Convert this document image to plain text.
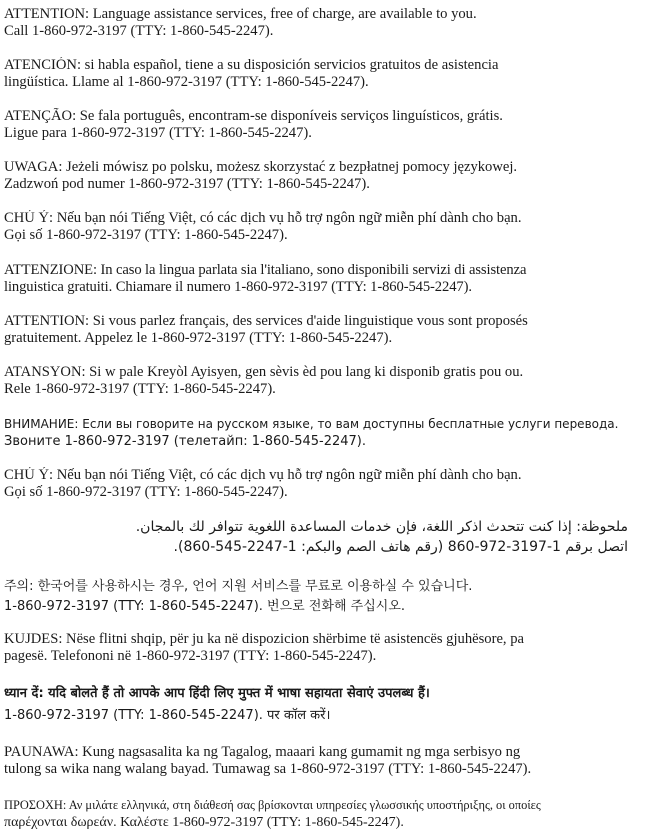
ATTENTION: Language assistance services, free of charge, are available to you.
Call 1-860-972-3197 (TTY: 1-860-545-2247).
ATENCIÓN: si habla español, tiene a su disposición servicios gratuitos de asistencia
lingüística. Llame al 1-860-972-3197 (TTY: 1-860-545-2247).
ATENÇÃO: Se fala português, encontram-se disponíveis serviços linguísticos, grátis.
Ligue para 1-860-972-3197 (TTY: 1-860-545-2247).
UWAGA: Jeżeli mówisz po polsku, możesz skorzystać z bezpłatnej pomocy językowej.
Zadzwoń pod numer 1-860-972-3197 (TTY: 1-860-545-2247).
CHÚ Ý: Nếu bạn nói Tiếng Việt, có các dịch vụ hỗ trợ ngôn ngữ miễn phí dành cho bạn.
Gọi số 1-860-972-3197 (TTY: 1-860-545-2247).
ATTENZIONE: In caso la lingua parlata sia l'italiano, sono disponibili servizi di assistenza
linguistica gratuiti. Chiamare il numero 1-860-972-3197 (TTY: 1-860-545-2247).
ATTENTION: Si vous parlez français, des services d'aide linguistique vous sont proposés
gratuitement. Appelez le 1-860-972-3197 (TTY: 1-860-545-2247).
ATANSYON: Si w pale Kreyòl Ayisyen, gen sèvis èd pou lang ki disponib gratis pou ou.
Rele 1-860-972-3197 (TTY: 1-860-545-2247).
ВНИМАНИЕ: Если вы говорите на русском языке, то вам доступны бесплатные услуги перевода.
Звоните 1-860-972-3197 (телетайп: 1-860-545-2247).
CHÚ Ý: Nếu bạn nói Tiếng Việt, có các dịch vụ hỗ trợ ngôn ngữ miễn phí dành cho bạn.
Gọi số 1-860-972-3197 (TTY: 1-860-545-2247).
ملحوظة: إذا كنت تتحدث اذكر اللغة، فإن خدمات المساعدة اللغوية تتوافر لك بالمجان.
اتصل برقم 1-3197-972-860 (رقم هاتف الصم والبكم: 1-2247-545-860).
주의: 한국어를 사용하시는 경우, 언어 지원 서비스를 무료로 이용하실 수 있습니다.
1-860-972-3197 (TTY: 1-860-545-2247). 번으로 전화해 주십시오.
KUJDES: Nëse flitni shqip, për ju ka në dispozicion shërbime të asistencës gjuhësore, pa
pagesë. Telefononi në 1-860-972-3197 (TTY: 1-860-545-2247).
ध्यान दें: यदि बोलते हैं तो आपके आप हिंदी लिए मुफ्त में भाषा सहायता सेवाएं उपलब्ध हैं।
1-860-972-3197 (TTY: 1-860-545-2247). पर कॉल करें।
PAUNAWA: Kung nagsasalita ka ng Tagalog, maaari kang gumamit ng mga serbisyo ng
tulong sa wika nang walang bayad. Tumawag sa 1-860-972-3197 (TTY: 1-860-545-2247).
ΠΡΟΣΟΧΗ: Αν μιλάτε ελληνικά, στη διάθεσή σας βρίσκονται υπηρεσίες γλωσσικής υποστήριξης, οι οποίες
παρέχονται δωρεάν. Καλέστε 1-860-972-3197 (TTY: 1-860-545-2247).
